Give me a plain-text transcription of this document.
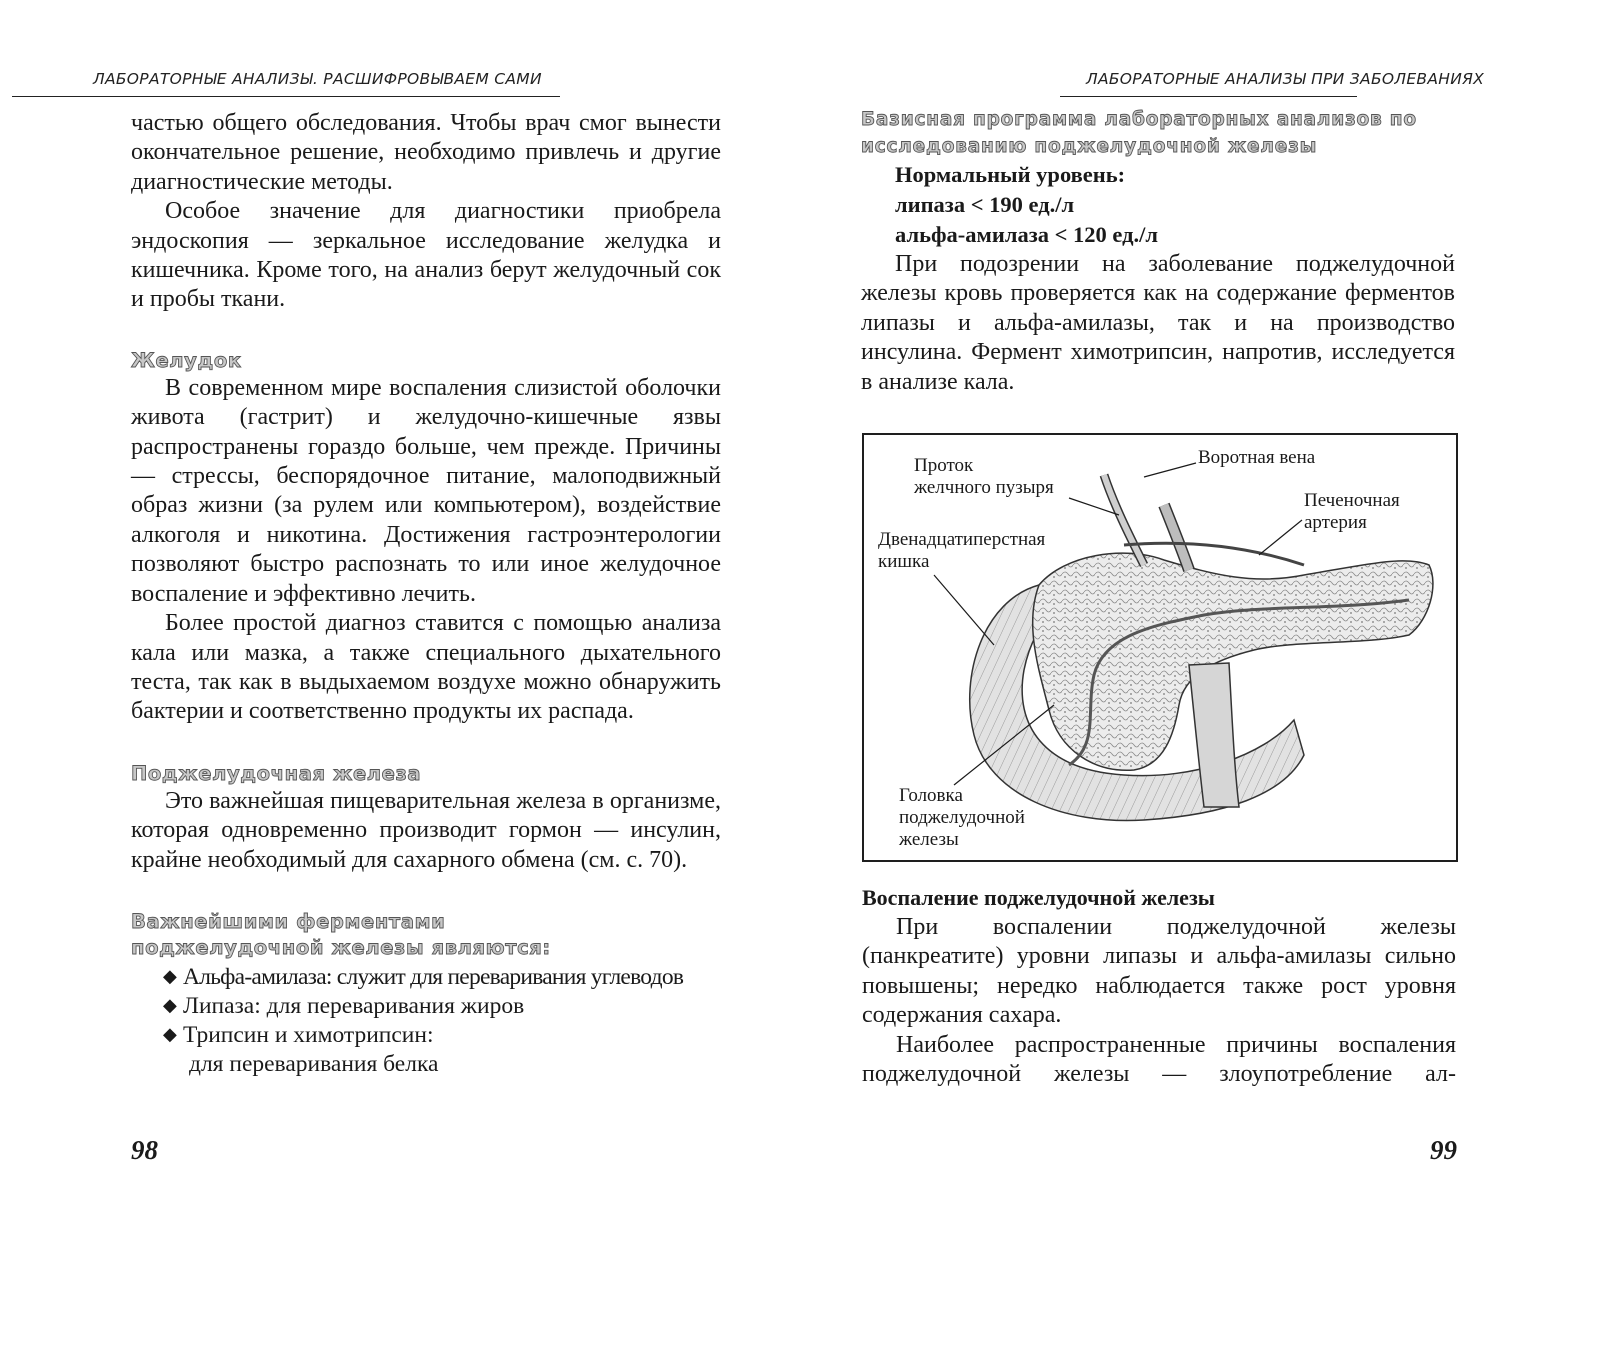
ЛАБОРАТОРНЫЕ АНАЛИЗЫ. РАСШИФРОВЫВАЕМ САМИ

частью общего обследования. Чтобы врач смог вынести окончательное решение, необходимо привлечь и другие диагностические методы.

Особое значение для диагностики приобрела эндоскопия — зеркальное исследование желудка и кишечника. Кроме того, на анализ берут желудочный сок и пробы ткани.

Желудок

В современном мире воспаления слизистой оболочки живота (гастрит) и желудочно-кишечные язвы распространены гораздо больше, чем прежде. Причины — стрессы, беспорядочное питание, малоподвижный образ жизни (за рулем или компьютером), воздействие алкоголя и никотина. Достижения гастроэнтерологии позволяют быстро распознать то или иное желудочное воспаление и эффективно лечить.

Более простой диагноз ставится с помощью анализа кала или мазка, а также специального дыхательного теста, так как в выдыхаемом воздухе можно обнаружить бактерии и соответственно продукты их распада.

Поджелудочная железа

Это важнейшая пищеварительная железа в организме, которая одновременно производит гормон — инсулин, крайне необходимый для сахарного обмена (см. с. 70).

Важнейшими ферментами
поджелудочной железы являются:
◆ Альфа-амилаза: служит для переваривания углеводов
◆ Липаза: для переваривания жиров
◆ Трипсин и химотрипсин:
для переваривания белка
98
ЛАБОРАТОРНЫЕ АНАЛИЗЫ ПРИ ЗАБОЛЕВАНИЯХ
Базисная программа лабораторных анализов по исследованию поджелудочной железы
Нормальный уровень:
липаза < 190 ед./л
альфа-амилаза < 120 ед./л

При подозрении на заболевание поджелудочной железы кровь проверяется как на содержание ферментов липазы и альфа-амилазы, так и на производство инсулина. Фермент химотрипсин, напротив, исследуется в анализе кала.

Проток
желчного пузыря
Воротная вена
Печеночная
артерия
Двенадцатиперстная
кишка
Головка
поджелудочной
железы
Воспаление поджелудочной железы

При воспалении поджелудочной железы (панкреатите) уровни липазы и альфа-амилазы сильно повышены; нередко наблюдается также рост уровня содержания сахара.

Наиболее распространенные причины воспаления поджелудочной железы — злоупотребление ал-

99
